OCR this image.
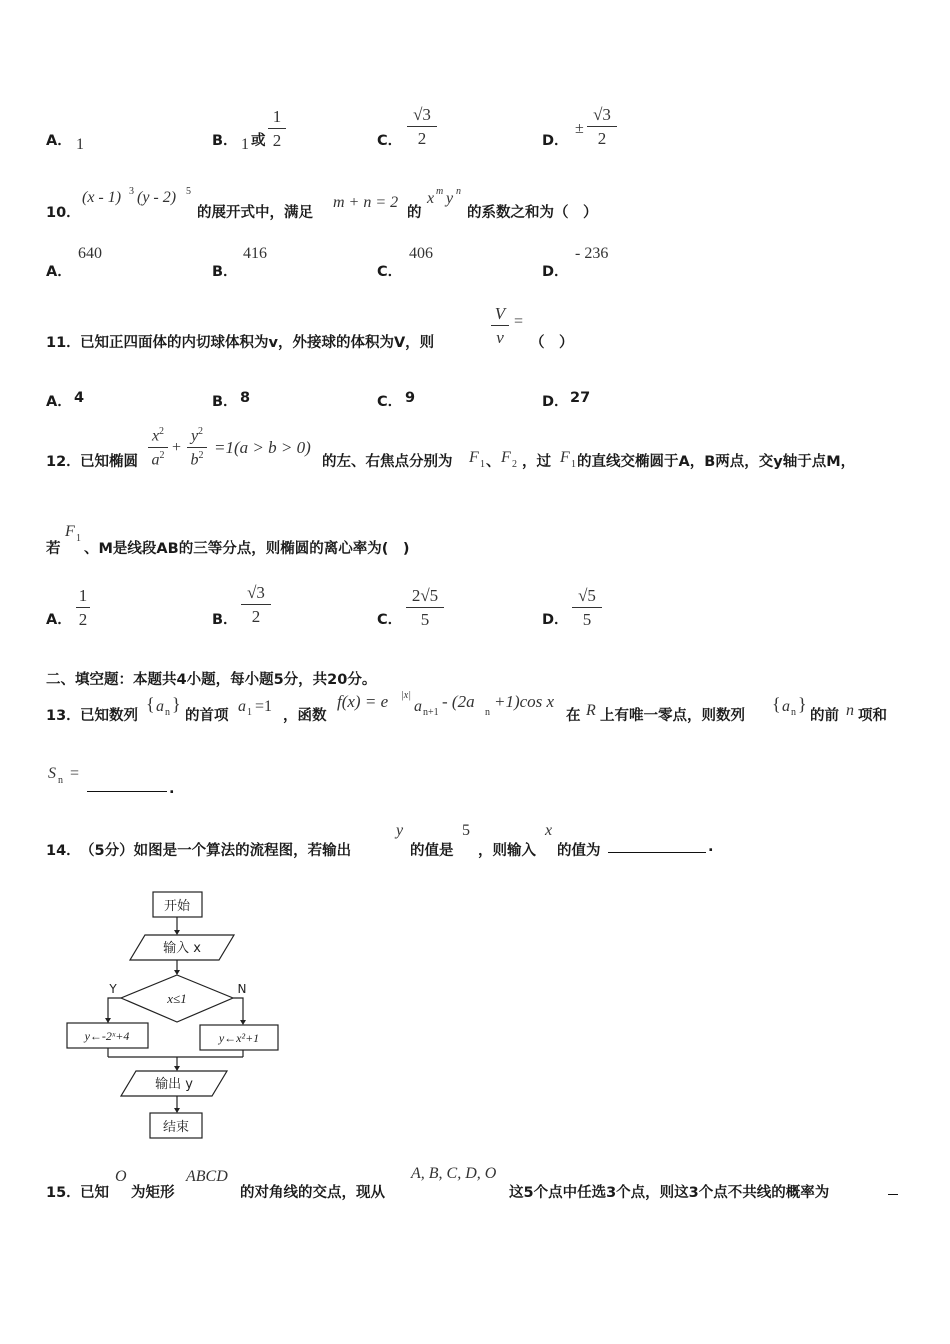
A． 1	B． 1 或
1
2	C．
√3
2	D．
±
√3
2
10．
(x - 1) 3 (y - 2) 5
的展开式中，满足
m + n = 2
的
x m y n
的系数之和为（　）
A．
640
B．
416
C．
406
D．
- 236
11． 已知正四面体的内切球体积为v，外接球的体积为V，则
V
v
=
（　）
A． 4	B． 8	C． 9	D． 27
12． 已知椭圆
$x^2$
$a^2$ +
$y^2$
$b^2 =1(a > b > 0)$
的左、右焦点分别为 F 1 、 F 2 ，过 F 1 的直线交椭圆于A，B两点，交y轴于点M，
若
F 1
、M是线段AB的三等分点，则椭圆的离心率为(　)
A．
1
2	B．
√3
2	C．
2√5
5	D．
√5
5
二、填空题：本题共4小题，每小题5分，共20分。
13． 已知数列
{ a n }
的首项
a 1 =1
，函数
f(x) = e |x|
a n+1
- (2a
n
+1)cos x
在 R 上有唯一零点，则数列
{ a n }
的前 n 项和
S n =
.
14． （5分）如图是一个算法的流程图，若输出
y
的值是
5
，则输入
x
的值为	.
开始
输入 x
x≤1
Y	N
y←-2ˣ+4	y←x²+1
输出 y
结束
15． 已知
O
为矩形
ABCD
的对角线的交点，现从
A, B, C, D, O
这5个点中任选3个点，则这3个点不共线的概率为
